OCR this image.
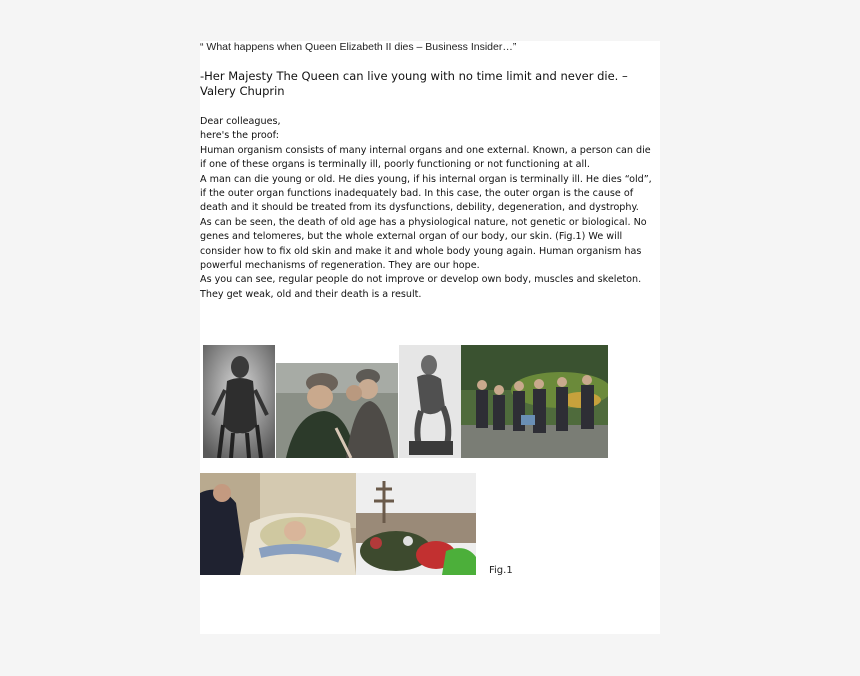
“ What happens when Queen Elizabeth II dies – Business Insider…”
-Her Majesty The Queen can live young with no time limit and never die. – Valery Chuprin

Dear colleagues,

here's the proof:

Human organism consists of many internal organs and one external. Known, a person can die if one of these organs is terminally ill, poorly functioning or not functioning at all.                                                   A man can die young or old. He dies young, if his internal organ is terminally ill. He dies “old”, if the outer organ functions inadequately bad. In this case, the outer organ is the cause of death and it should be treated from its dysfunctions, debility, degeneration, and dystrophy.                                                    As can be seen, the death of old age has a physiological nature, not genetic or biological. No genes and telomeres, but the whole external organ of our body, our skin. (Fig.1) We will consider how to fix old skin and make it and whole body young again. Human organism has powerful mechanisms of regeneration. They are our hope.

As you can see, regular people do not improve or develop own body, muscles and skeleton. They get weak, old and their death is a result.

Fig.1
